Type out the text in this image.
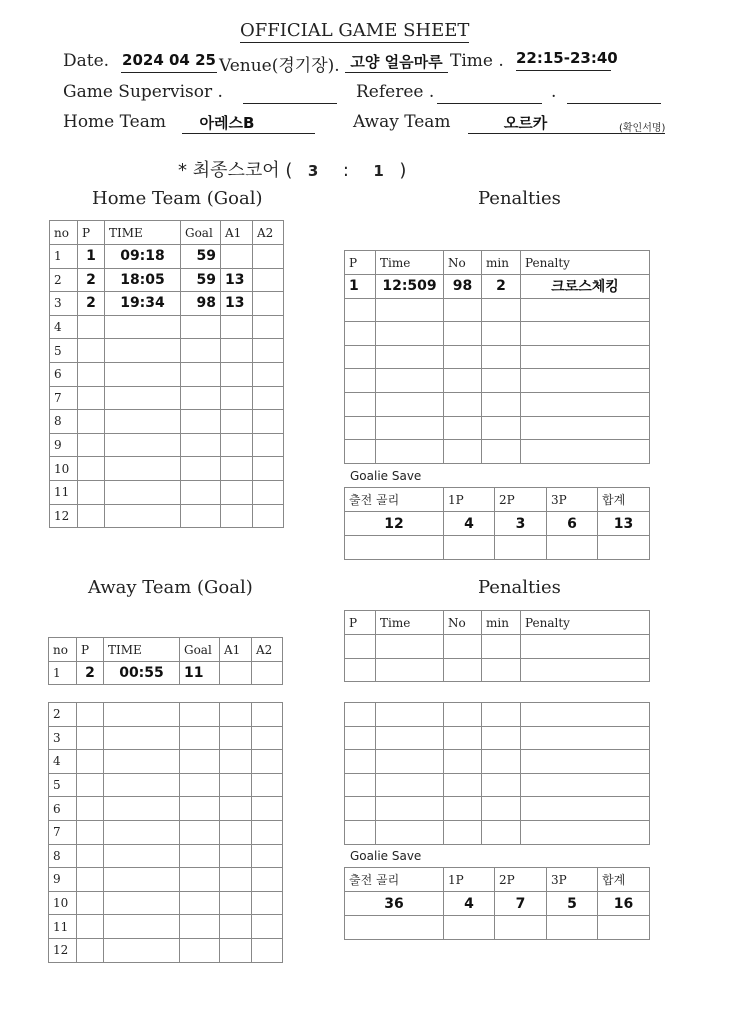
OFFICIAL GAME SHEET
Date. 2024 04 25 Venue(경기장). 고양 얼음마루 Time . 22:15-23:40
Game Supervisor .	Referee .	.
Home Team	아레스B	Away Team	오르카	(확인서명)
* 최종스코어 ( 3 : 1 )
Home Team (Goal)	Penalties
Away Team (Goal)	Penalties
no	P	TIME	Goal	A1	A2
1	1	09:18	59		
2	2	18:05	59	13	
3	2	19:34	98	13	
4					
5					
6					
7					
8					
9					
10					
11					
12					
P	Time	No	min	Penalty
1	12:509	98	2	크로스체킹

Goalie Save
출전 골리	1P	2P	3P	합계
12	4	3	6	13

no	P	TIME	Goal	A1	A2
1	2	00:55	11		
2					
3					
4					
5					
6					
7					
8					
9					
10					
11					
12					
P	Time	No	min	Penalty

Goalie Save
출전 골리	1P	2P	3P	합계
36	4	7	5	16
